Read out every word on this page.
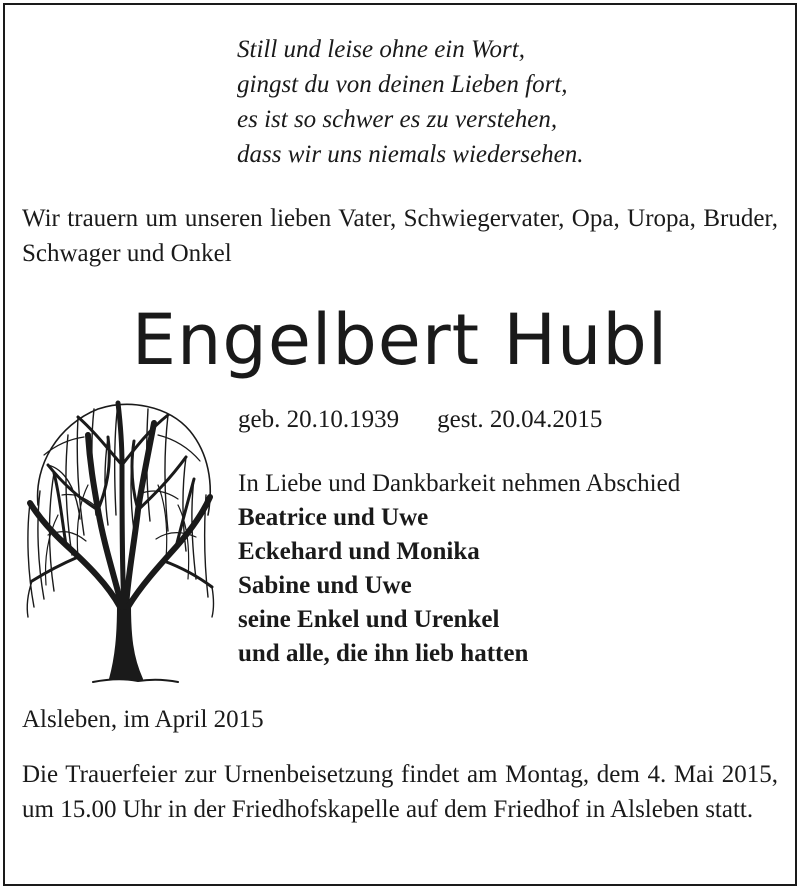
Still und leise ohne ein Wort,
gingst du von deinen Lieben fort,
es ist so schwer es zu verstehen,
dass wir uns niemals wiedersehen.
Wir trauern um unseren lieben Vater, Schwiegervater, Opa, Uropa, Bruder, Schwager und Onkel
Engelbert Hubl
geb. 20.10.1939 gest. 20.04.2015
In Liebe und Dankbarkeit nehmen Abschied
Beatrice und Uwe
Eckehard und Monika
Sabine und Uwe
seine Enkel und Urenkel
und alle, die ihn lieb hatten
Alsleben, im April 2015
Die Trauerfeier zur Urnenbeisetzung findet am Montag, dem 4. Mai 2015, um 15.00 Uhr in der Friedhofskapelle auf dem Friedhof in Alsleben statt.
